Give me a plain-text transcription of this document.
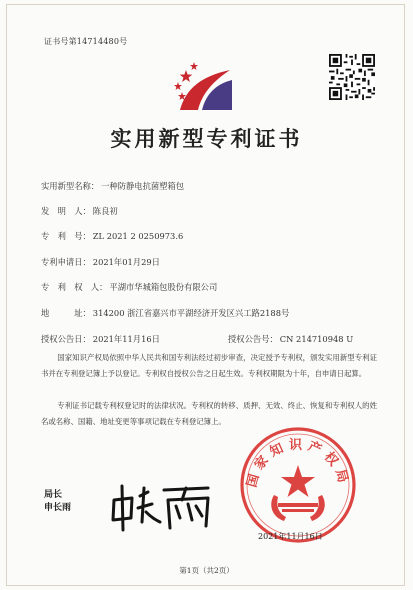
证书号第14714480号
实用新型专利证书
实用新型名称： 一种防静电抗菌塑箱包
发　明　人： 陈良初
专　利　号： ZL 2021 2 0250973.6
专利申请日： 2021年01月29日
专　利　权　人： 平湖市华城箱包股份有限公司
地　　　址： 314200 浙江省嘉兴市平湖经济开发区兴工路2188号
授权公告日： 2021年11月16日	授权公告号： CN 214710948 U
国家知识产权局依照中华人民共和国专利法经过初步审查，决定授予专利权，颁发实用新型专利证书并在专利登记簿上予以登记。专利权自授权公告之日起生效。专利权期限为十年，自申请日起算。
专利证书记载专利权登记时的法律状况。专利权的转移、质押、无效、终止、恢复和专利权人的姓名或名称、国籍、地址变更等事项记载在专利登记簿上。
局长
申长雨
国家知识产权局
2021年11月16日
第1页（共2页）
